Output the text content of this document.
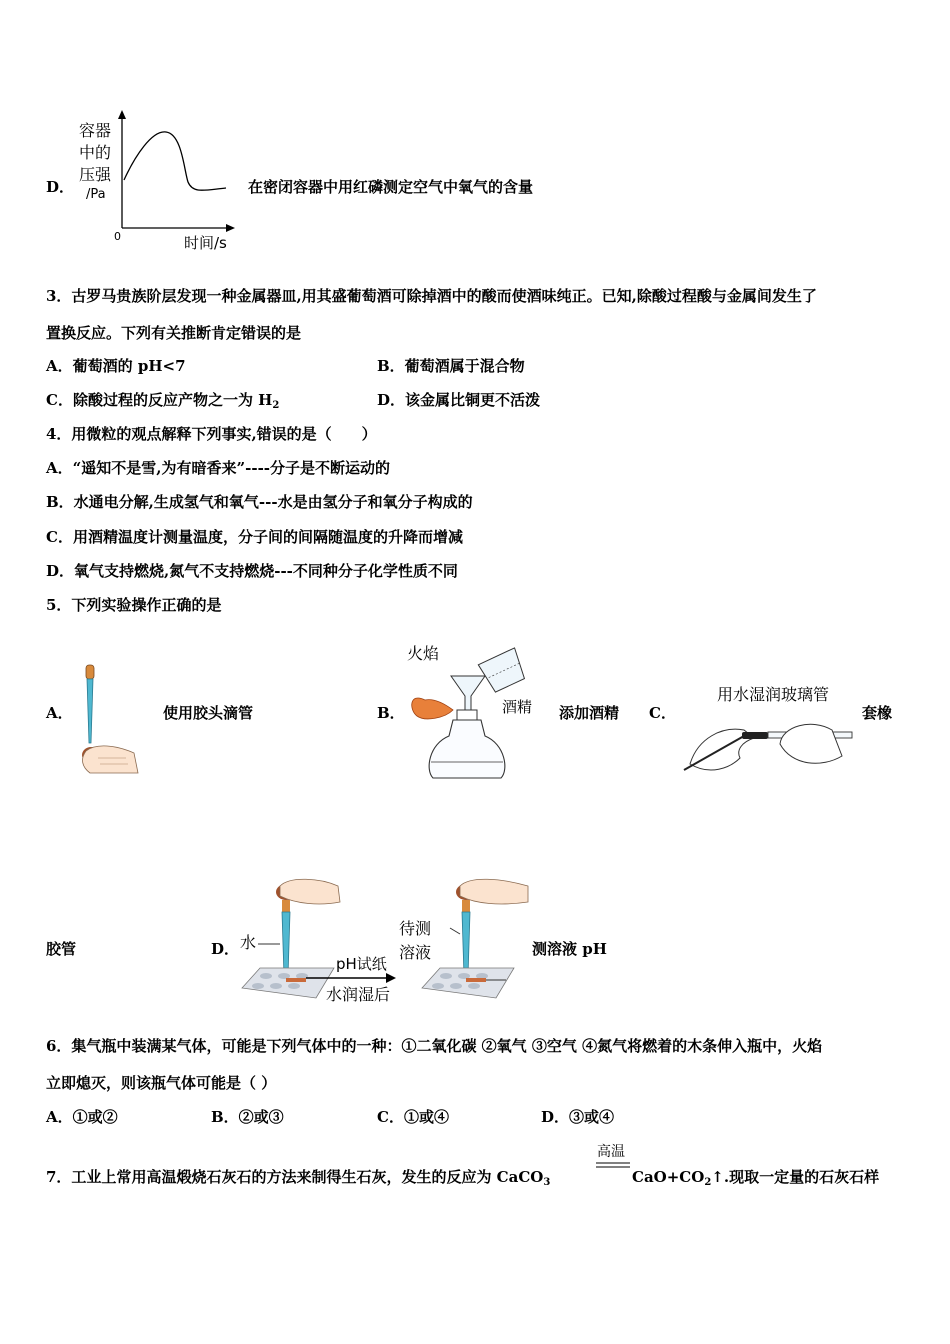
D．
容器
中的
压强
/Pa
0	时间/s
在密闭容器中用红磷测定空气中氧气的含量
3．古罗马贵族阶层发现一种金属器皿,用其盛葡萄酒可除掉酒中的酸而使酒味纯正。已知,除酸过程酸与金属间发生了
置换反应。下列有关推断肯定错误的是
A．葡萄酒的 pH<7	B．葡萄酒属于混合物
C．除酸过程的反应产物之一为 $H_2$	D．该金属比铜更不活泼
4．用微粒的观点解释下列事实,错误的是（　　）
A．“遥知不是雪,为有暗香来”----分子是不断运动的
B．水通电分解,生成氢气和氧气---水是由氢分子和氧分子构成的
C．用酒精温度计测量温度，分子间的间隔随温度的升降而增减
D．氧气支持燃烧,氮气不支持燃烧---不同种分子化学性质不同
5．下列实验操作正确的是
A．	使用胶头滴管	B．
火焰
酒精 添加酒精 C．
用水湿润玻璃管
套橡
胶管	D． 水
pH试纸
水润湿后
待测
溶液	测溶液 pH
6．集气瓶中装满某气体，可能是下列气体中的一种：①二氧化碳 ②氧气 ③空气 ④氮气将燃着的木条伸入瓶中，火焰
立即熄灭，则该瓶气体可能是（ ）
A．①或②	B．②或③	C．①或④	D．③或④
7．工业上常用高温煅烧石灰石的方法来制得生石灰，发生的反应为 CaCO$_3$
高温
$CaO+CO_2↑$.现取一定量的石灰石样
